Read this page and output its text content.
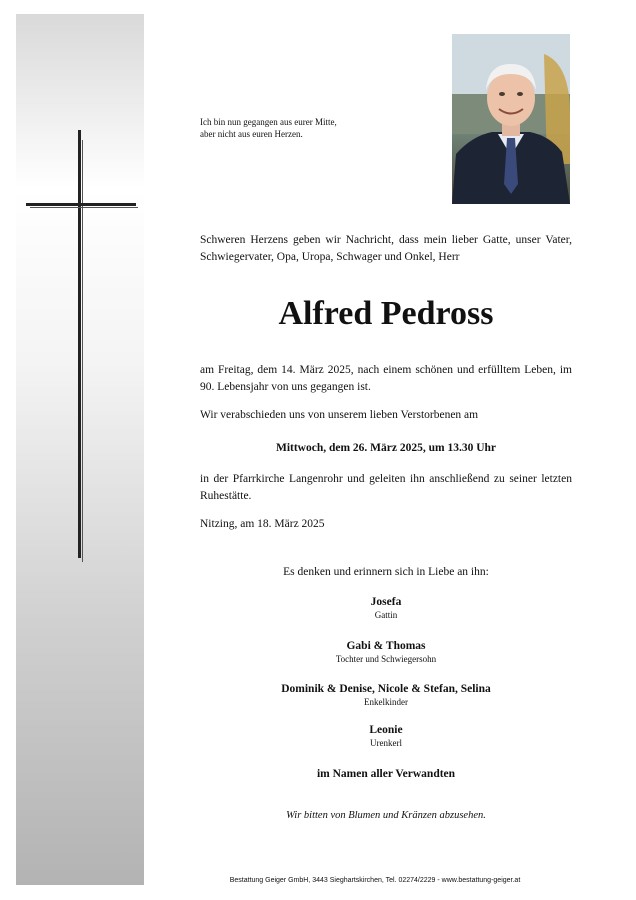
Ich bin nun gegangen aus eurer Mitte,
aber nicht aus euren Herzen.
Schweren Herzens geben wir Nachricht, dass mein lieber Gatte, unser Vater, Schwiegervater, Opa, Uropa, Schwager und Onkel, Herr
Alfred Pedross
am Freitag, dem 14. März 2025, nach einem schönen und erfülltem Leben, im 90. Lebensjahr von uns gegangen ist.
Wir verabschieden uns von unserem lieben Verstorbenen am
Mittwoch, dem 26. März 2025, um 13.30 Uhr
in der Pfarrkirche Langenrohr und geleiten ihn anschließend zu seiner letzten Ruhestätte.
Nitzing, am 18. März 2025
Es denken und erinnern sich in Liebe an ihn:
Josefa
Gattin
Gabi & Thomas
Tochter und Schwiegersohn
Dominik & Denise, Nicole & Stefan, Selina
Enkelkinder
Leonie
Urenkerl
im Namen aller Verwandten
Wir bitten von Blumen und Kränzen abzusehen.
Bestattung Geiger GmbH, 3443 Sieghartskirchen, Tel. 02274/2229 - www.bestattung-geiger.at
